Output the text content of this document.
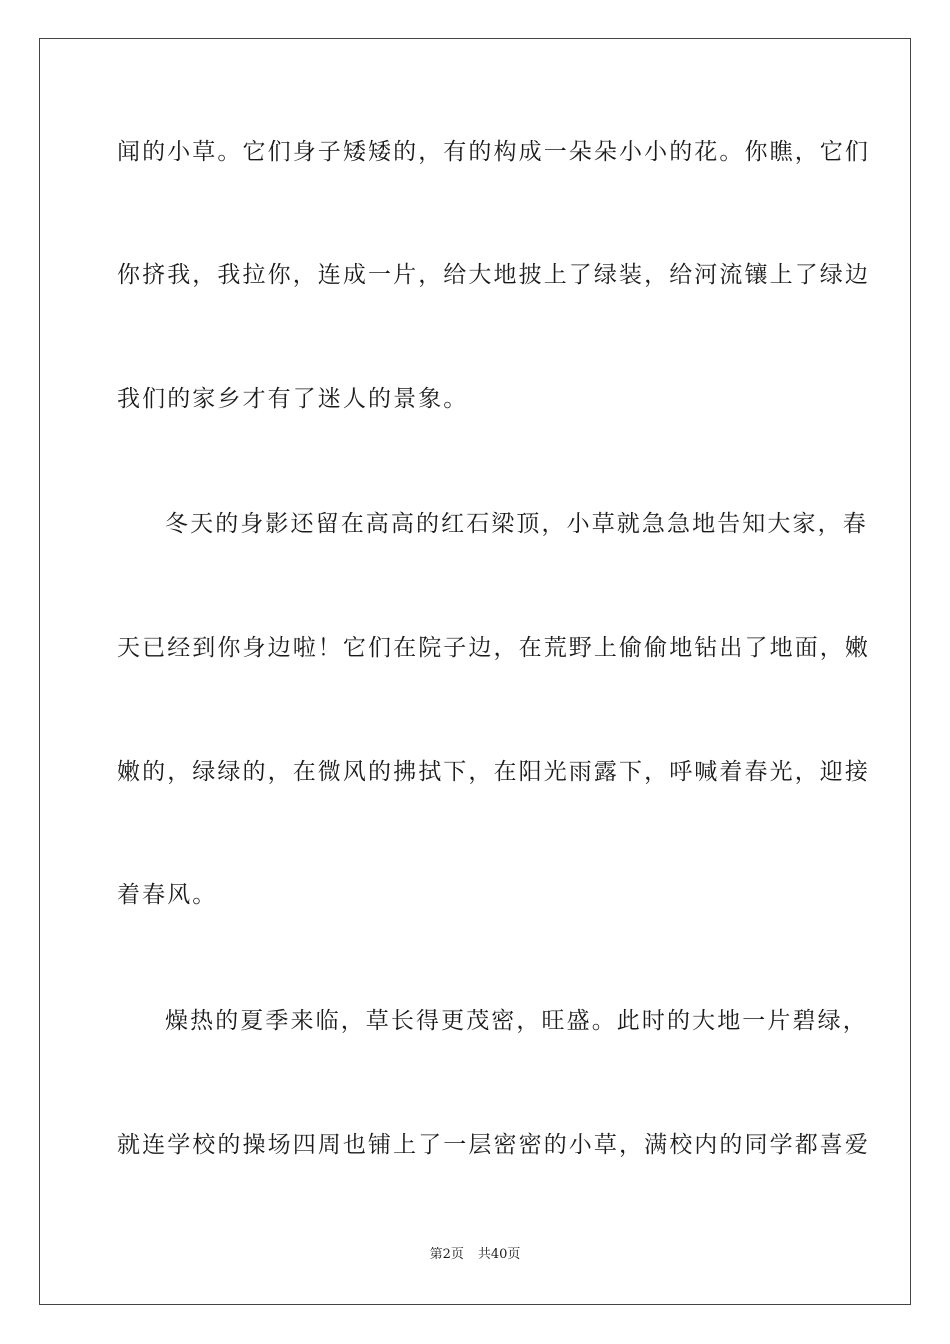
闻的小草。它们身子矮矮的，有的构成一朵朵小小的花。你瞧，它们
你挤我，我拉你，连成一片，给大地披上了绿装，给河流镶上了绿边
我们的家乡才有了迷人的景象。
冬天的身影还留在高高的红石梁顶，小草就急急地告知大家，春
天已经到你身边啦！它们在院子边，在荒野上偷偷地钻出了地面，嫩
嫩的，绿绿的，在微风的拂拭下，在阳光雨露下，呼喊着春光，迎接
着春风。
燥热的夏季来临，草长得更茂密，旺盛。此时的大地一片碧绿，
就连学校的操场四周也铺上了一层密密的小草，满校内的同学都喜爱
第2页 共40页
